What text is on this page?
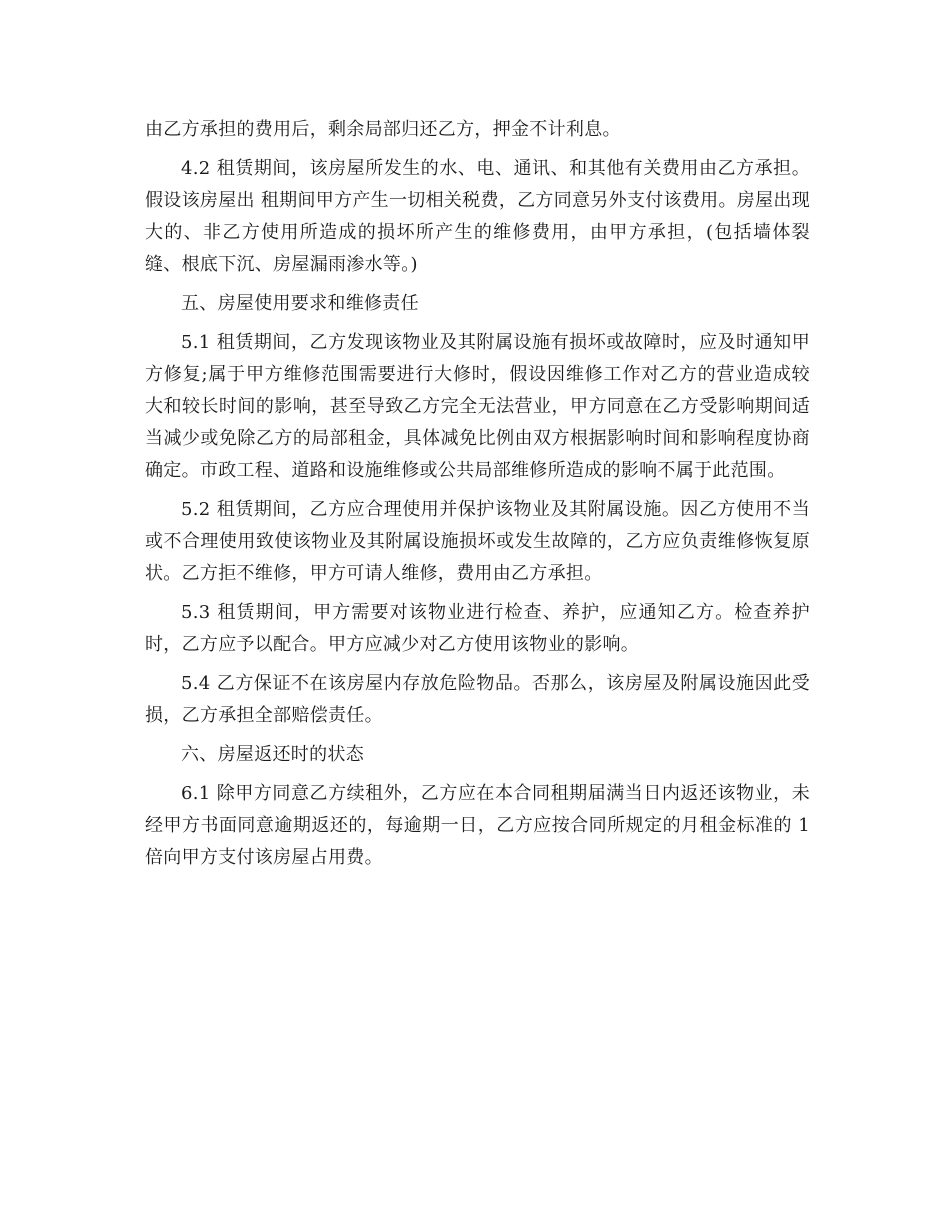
由乙方承担的费用后，剩余局部归还乙方，押金不计利息。

4.2 租赁期间，该房屋所发生的水、电、通讯、和其他有关费用由乙方承担。假设该房屋出 租期间甲方产生一切相关税费，乙方同意另外支付该费用。房屋出现大的、非乙方使用所造成的损坏所产生的维修费用，由甲方承担，(包括墙体裂缝、根底下沉、房屋漏雨渗水等。)

五、房屋使用要求和维修责任

5.1 租赁期间，乙方发现该物业及其附属设施有损坏或故障时，应及时通知甲方修复;属于甲方维修范围需要进行大修时，假设因维修工作对乙方的营业造成较大和较长时间的影响，甚至导致乙方完全无法营业，甲方同意在乙方受影响期间适当减少或免除乙方的局部租金，具体减免比例由双方根据影响时间和影响程度协商确定。市政工程、道路和设施维修或公共局部维修所造成的影响不属于此范围。

5.2 租赁期间，乙方应合理使用并保护该物业及其附属设施。因乙方使用不当或不合理使用致使该物业及其附属设施损坏或发生故障的，乙方应负责维修恢复原状。乙方拒不维修，甲方可请人维修，费用由乙方承担。

5.3 租赁期间，甲方需要对该物业进行检查、养护，应通知乙方。检查养护时，乙方应予以配合。甲方应减少对乙方使用该物业的影响。

5.4 乙方保证不在该房屋内存放危险物品。否那么，该房屋及附属设施因此受损，乙方承担全部赔偿责任。

六、房屋返还时的状态

6.1 除甲方同意乙方续租外，乙方应在本合同租期届满当日内返还该物业，未经甲方书面同意逾期返还的，每逾期一日，乙方应按合同所规定的月租金标准的 1 倍向甲方支付该房屋占用费。
